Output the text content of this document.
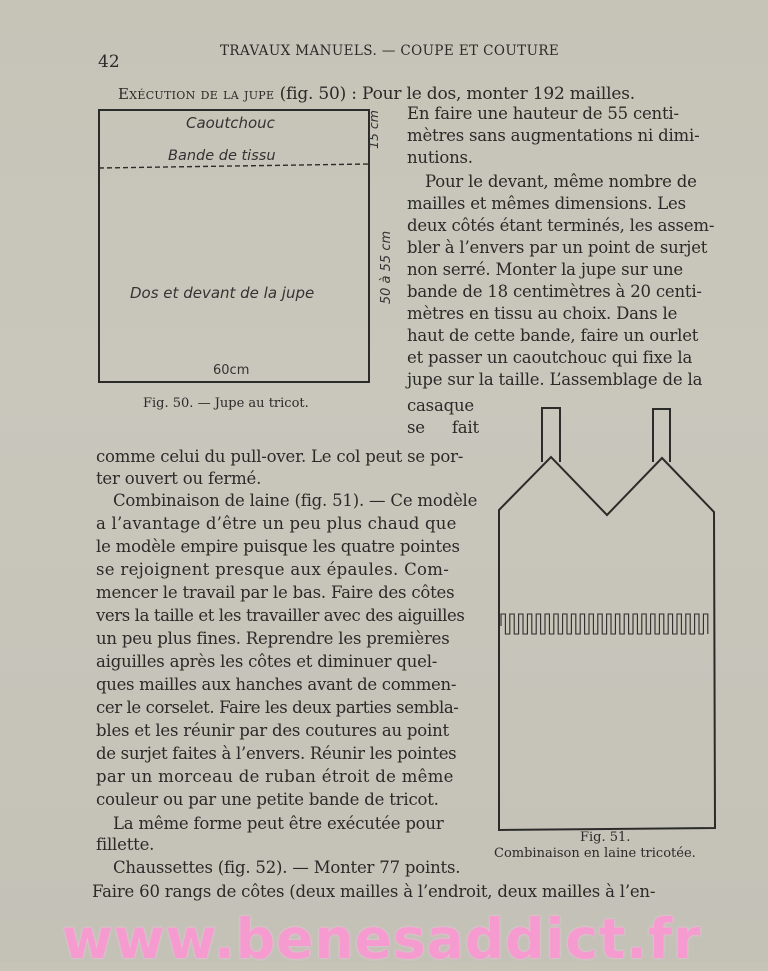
42
TRAVAUX MANUELS. — COUPE ET COUTURE
Exécution de la jupe (fig. 50) : Pour le dos, monter 192 mailles.
Caoutchouc
Bande de tissu
Dos et devant de la jupe
60cm
15 cm
50 à 55 cm
Fig. 50. — Jupe au tricot.
En faire une hauteur de 55 centi-
mètres sans augmentations ni dimi-
nutions.
Pour le devant, même nombre de
mailles et mêmes dimensions. Les
deux côtés étant terminés, les assem-
bler à l’envers par un point de surjet
non serré. Monter la jupe sur une
bande de 18 centimètres à 20 centi-
mètres en tissu au choix. Dans le
haut de cette bande, faire un ourlet
et passer un caoutchouc qui fixe la
jupe sur la taille. L’assemblage de la
casaque
se fait
Fig. 51.
Combinaison en laine tricotée.
comme celui du pull-over. Le col peut se por-
ter ouvert ou fermé.
Combinaison de laine (fig. 51). — Ce modèle
a l’avantage d’être un peu plus chaud que
le modèle empire puisque les quatre pointes
se rejoignent presque aux épaules. Com-
mencer le travail par le bas. Faire des côtes
vers la taille et les travailler avec des aiguilles
un peu plus fines. Reprendre les premières
aiguilles après les côtes et diminuer quel-
ques mailles aux hanches avant de commen-
cer le corselet. Faire les deux parties sembla-
bles et les réunir par des coutures au point
de surjet faites à l’envers. Réunir les pointes
par un morceau de ruban étroit de même
couleur ou par une petite bande de tricot.
La même forme peut être exécutée pour
fillette.
Chaussettes (fig. 52). — Monter 77 points.
Faire 60 rangs de côtes (deux mailles à l’endroit, deux mailles à l’en-
www.benesaddict.fr
